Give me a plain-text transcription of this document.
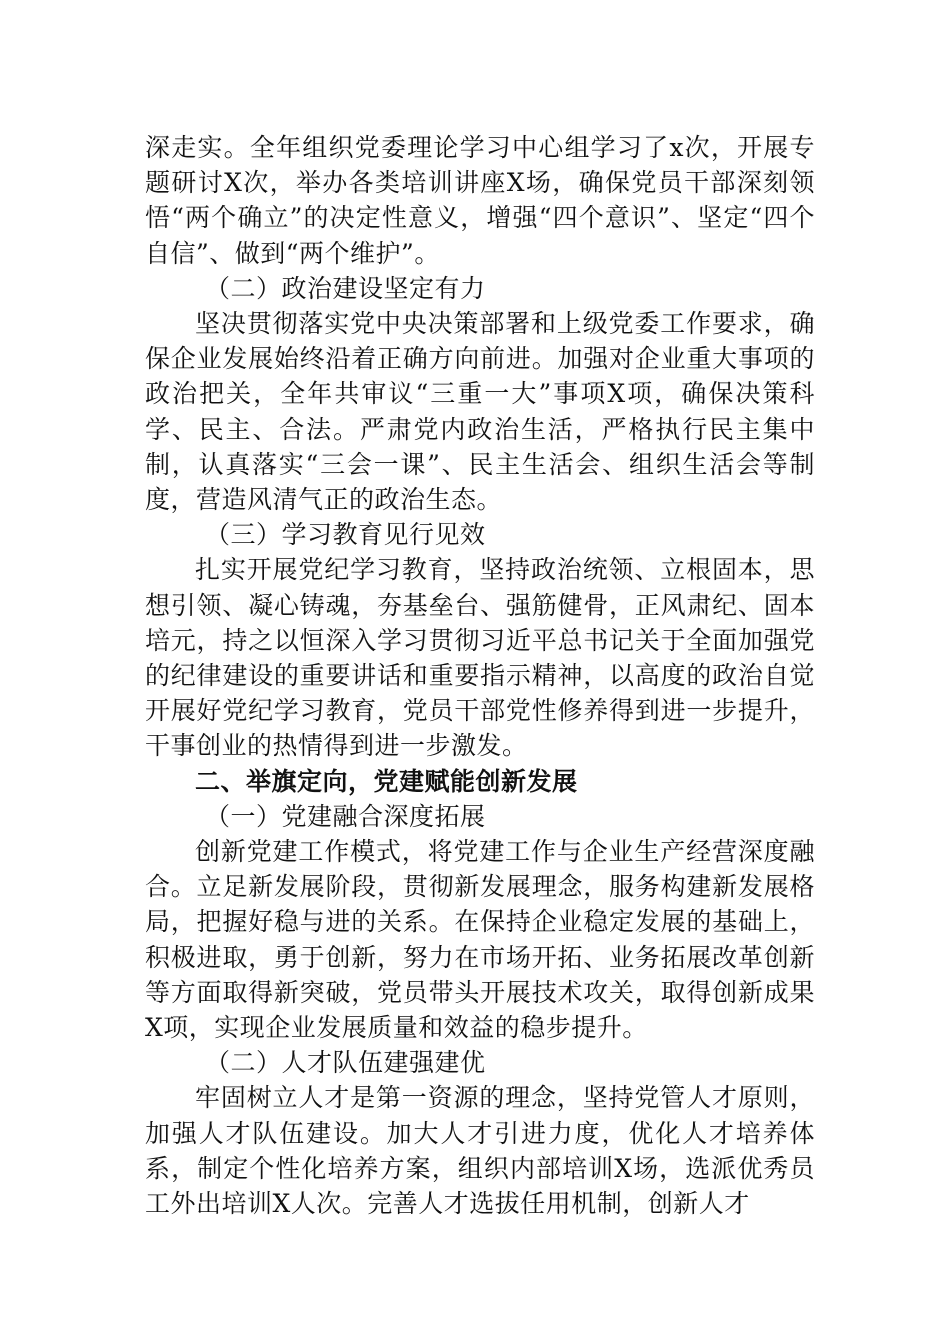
深走实。全年组织党委理论学习中心组学习了x次，开展专题研讨X次，举办各类培训讲座X场，确保党员干部深刻领悟“两个确立”的决定性意义，增强“四个意识”、坚定“四个自信”、做到“两个维护”。

（二）政治建设坚定有力

坚决贯彻落实党中央决策部署和上级党委工作要求，确保企业发展始终沿着正确方向前进。加强对企业重大事项的政治把关，全年共审议“三重一大”事项X项，确保决策科学、民主、合法。严肃党内政治生活，严格执行民主集中制，认真落实“三会一课”、民主生活会、组织生活会等制度，营造风清气正的政治生态。

（三）学习教育见行见效

扎实开展党纪学习教育，坚持政治统领、立根固本，思想引领、凝心铸魂，夯基垒台、强筋健骨，正风肃纪、固本培元，持之以恒深入学习贯彻习近平总书记关于全面加强党的纪律建设的重要讲话和重要指示精神，以高度的政治自觉开展好党纪学习教育，党员干部党性修养得到进一步提升，干事创业的热情得到进一步激发。

二、举旗定向，党建赋能创新发展

（一）党建融合深度拓展

创新党建工作模式，将党建工作与企业生产经营深度融合。立足新发展阶段，贯彻新发展理念，服务构建新发展格局，把握好稳与进的关系。在保持企业稳定发展的基础上，积极进取，勇于创新，努力在市场开拓、业务拓展改革创新等方面取得新突破，党员带头开展技术攻关，取得创新成果X项，实现企业发展质量和效益的稳步提升。

（二）人才队伍建强建优

牢固树立人才是第一资源的理念，坚持党管人才原则，加强人才队伍建设。加大人才引进力度，优化人才培养体系，制定个性化培养方案，组织内部培训X场，选派优秀员工外出培训X人次。完善人才选拔任用机制，创新人才
